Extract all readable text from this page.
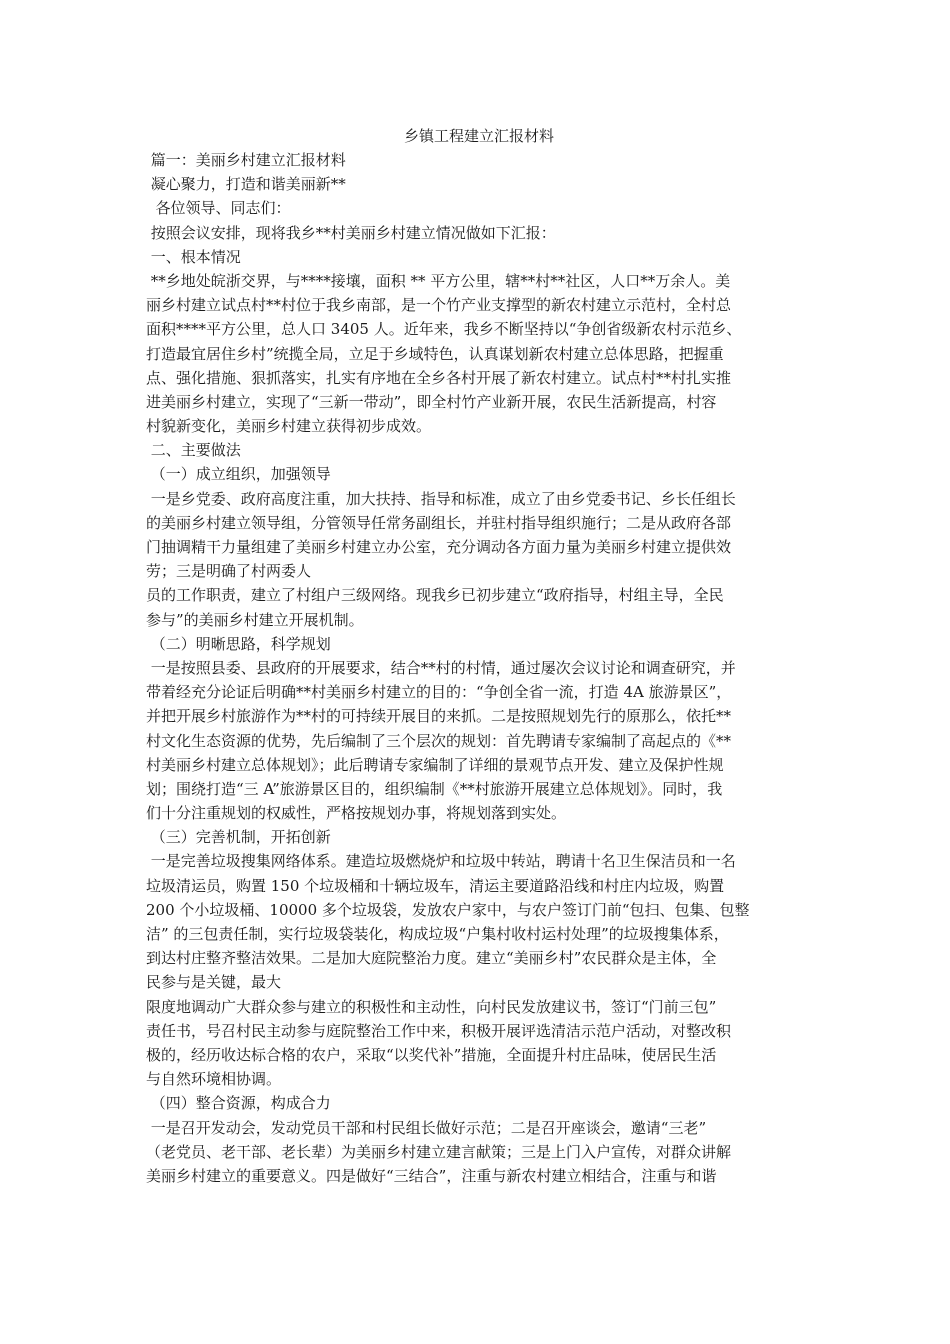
乡镇工程建立汇报材料
篇一：美丽乡村建立汇报材料
凝心聚力，打造和谐美丽新**
各位领导、同志们：
按照会议安排，现将我乡**村美丽乡村建立情况做如下汇报：
一、根本情况
**乡地处皖浙交界，与****接壤，面积 ** 平方公里，辖**村**社区，人口**万余人。美
丽乡村建立试点村**村位于我乡南部，是一个竹产业支撑型的新农村建立示范村，全村总
面积****平方公里，总人口 3405 人。近年来，我乡不断坚持以“争创省级新农村示范乡、
打造最宜居住乡村”统揽全局，立足于乡域特色，认真谋划新农村建立总体思路，把握重
点、强化措施、狠抓落实，扎实有序地在全乡各村开展了新农村建立。试点村**村扎实推
进美丽乡村建立，实现了“三新一带动”，即全村竹产业新开展，农民生活新提高，村容
村貌新变化，美丽乡村建立获得初步成效。
二、主要做法
（一）成立组织，加强领导
一是乡党委、政府高度注重，加大扶持、指导和标准，成立了由乡党委书记、乡长任组长
的美丽乡村建立领导组，分管领导任常务副组长，并驻村指导组织施行；二是从政府各部
门抽调精干力量组建了美丽乡村建立办公室，充分调动各方面力量为美丽乡村建立提供效
劳；三是明确了村两委人
员的工作职责，建立了村组户三级网络。现我乡已初步建立“政府指导，村组主导，全民
参与”的美丽乡村建立开展机制。
（二）明晰思路，科学规划
一是按照县委、县政府的开展要求，结合**村的村情，通过屡次会议讨论和调查研究，并
带着经充分论证后明确**村美丽乡村建立的目的：“争创全省一流，打造 4A 旅游景区”，
并把开展乡村旅游作为**村的可持续开展目的来抓。二是按照规划先行的原那么，依托**
村文化生态资源的优势，先后编制了三个层次的规划：首先聘请专家编制了高起点的《**
村美丽乡村建立总体规划》；此后聘请专家编制了详细的景观节点开发、建立及保护性规
划；围绕打造“三 A”旅游景区目的，组织编制《**村旅游开展建立总体规划》。同时，我
们十分注重规划的权威性，严格按规划办事，将规划落到实处。
（三）完善机制，开拓创新
一是完善垃圾搜集网络体系。建造垃圾燃烧炉和垃圾中转站，聘请十名卫生保洁员和一名
垃圾清运员，购置 150 个垃圾桶和十辆垃圾车，清运主要道路沿线和村庄内垃圾，购置
200 个小垃圾桶、10000 多个垃圾袋，发放农户家中，与农户签订门前“包扫、包集、包整
洁” 的三包责任制，实行垃圾袋装化，构成垃圾“户集村收村运村处理”的垃圾搜集体系，
到达村庄整齐整洁效果。二是加大庭院整治力度。建立“美丽乡村”农民群众是主体，全
民参与是关键，最大
限度地调动广大群众参与建立的积极性和主动性，向村民发放建议书，签订“门前三包”
责任书，号召村民主动参与庭院整治工作中来，积极开展评选清洁示范户活动，对整改积
极的，经历收达标合格的农户，采取“以奖代补”措施，全面提升村庄品味，使居民生活
与自然环境相协调。
（四）整合资源，构成合力
一是召开发动会，发动党员干部和村民组长做好示范；二是召开座谈会，邀请“三老”
（老党员、老干部、老长辈）为美丽乡村建立建言献策；三是上门入户宣传，对群众讲解
美丽乡村建立的重要意义。四是做好“三结合”，注重与新农村建立相结合，注重与和谐
